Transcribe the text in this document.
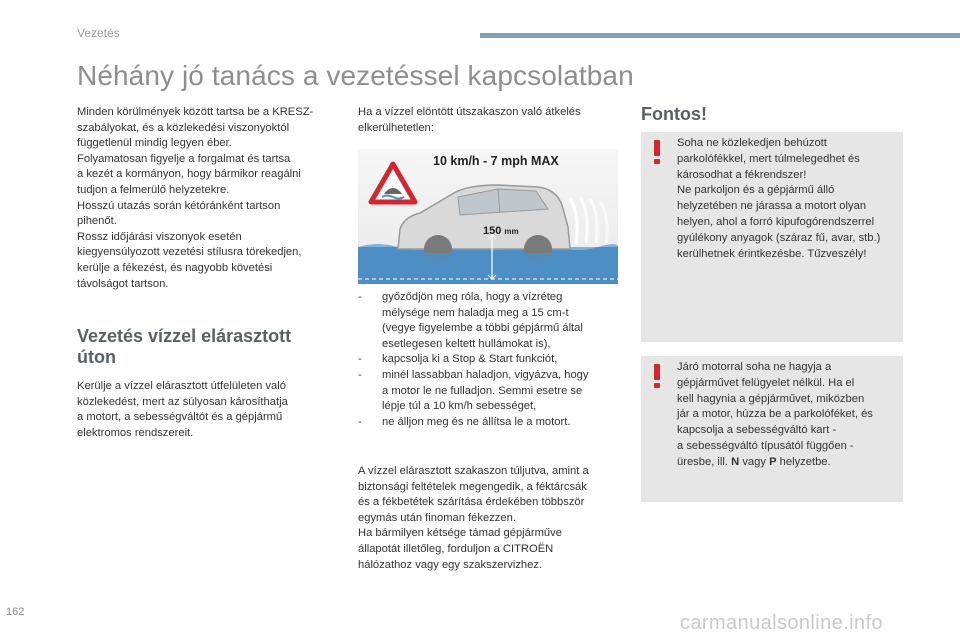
Vezetés
Néhány jó tanács a vezetéssel kapcsolatban

Minden körülmények között tartsa be a KRESZ-

szabályokat, és a közlekedési viszonyoktól

függetlenül mindig legyen éber.

Folyamatosan figyelje a forgalmat és tartsa

a kezét a kormányon, hogy bármikor reagálni

tudjon a felmerülő helyzetekre.

Hosszú utazás során kétóránként tartson

pihenőt.

Rossz időjárási viszonyok esetén

kiegyensúlyozott vezetési stílusra törekedjen,

kerülje a fékezést, és nagyobb követési

távolságot tartson.

Vezetés vízzel elárasztott
úton

Kerülje a vízzel elárasztott útfelületen való

közlekedést, mert az súlyosan károsíthatja

a motort, a sebességváltót és a gépjármű

elektromos rendszereit.

Ha a vízzel elöntött útszakaszon való átkelés

elkerülhetetlen:

10 km/h - 7 mph MAX
150 mm
- győződjön meg róla, hogy a vízréteg

mélysége nem haladja meg a 15 cm-t

(vegye figyelembe a többi gépjármű által

esetlegesen keltett hullámokat is),

- kapcsolja ki a Stop & Start funkciót,

- minél lassabban haladjon, vigyázva, hogy

a motor le ne fulladjon. Semmi esetre se

lépje túl a 10 km/h sebességet,

- ne álljon meg és ne állítsa le a motort.

A vízzel elárasztott szakaszon túljutva, amint a

biztonsági feltételek megengedik, a féktárcsák

és a fékbetétek szárítása érdekében többször

egymás után finoman fékezzen.

Ha bármilyen kétsége támad gépjárműve

állapotát illetőleg, forduljon a CITROËN

hálózathoz vagy egy szakszervizhez.

Fontos!

Soha ne közlekedjen behúzott

parkolófékkel, mert túlmelegedhet és

károsodhat a fékrendszer!

Ne parkoljon és a gépjármű álló

helyzetében ne járassa a motort olyan

helyen, ahol a forró kipufogórendszerrel

gyúlékony anyagok (száraz fű, avar, stb.)

kerülhetnek érintkezésbe. Tűzveszély!

Járó motorral soha ne hagyja a

gépjárművet felügyelet nélkül. Ha el

kell hagynia a gépjárművet, miközben

jár a motor, húzza be a parkolóféket, és

kapcsolja a sebességváltó kart -

a sebességváltó típusától függően -

üresbe, ill. N vagy P helyzetbe.

162	carmanualsonline.info
